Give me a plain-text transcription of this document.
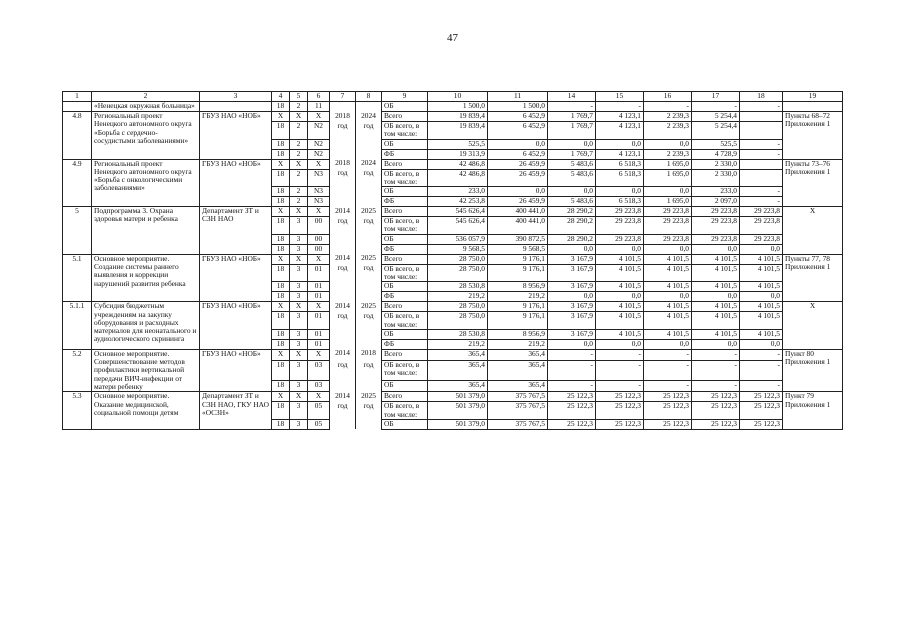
47
1	2	3	4	5	6	7	8	9	10	11	14	15	16	17	18	19
	«Ненецкая окружная больница»		18	2	11			ОБ	1 500,0	1 500,0	-	-	-	-	-	
4.8	Региональный проект Ненецкого автономного округа «Борьба с сердечно-сосудистыми заболеваниями»	ГБУЗ НАО «НОБ»	X	X	X	2018	2024	Всего	19 839,4	6 452,9	1 769,7	4 123,1	2 239,3	5 254,4		Пункты 68–72 Приложения 1
			18	2	N2	год	год	ОБ всего, в том числе:	19 839,4	6 452,9	1 769,7	4 123,1	2 239,3	5 254,4		
			18	2	N2			ОБ	525,5	0,0	0,0	0,0	0,0	525,5	-	
			18	2	N2			ФБ	19 313,9	6 452,9	1 769,7	4 123,1	2 239,3	4 728,9	-	
4.9	Региональный проект Ненецкого автономного округа «Борьба с онкологическими заболеваниями»	ГБУЗ НАО «НОБ»	X	X	X	2018	2024	Всего	42 486,8	26 459,9	5 483,6	6 518,3	1 695,0	2 330,0		Пункты 73–76 Приложения 1
			18	2	N3	год	год	ОБ всего, в том числе:	42 486,8	26 459,9	5 483,6	6 518,3	1 695,0	2 330,0		
			18	2	N3			ОБ	233,0	0,0	0,0	0,0	0,0	233,0	-	
			18	2	N3			ФБ	42 253,8	26 459,9	5 483,6	6 518,3	1 695,0	2 097,0	-	
5	Подпрограмма 3. Охрана здоровья матери и ребенка	Департамент ЗТ и СЗН НАО	X	X	X	2014	2025	Всего	545 626,4	400 441,0	28 290,2	29 223,8	29 223,8	29 223,8	29 223,8	X
			18	3	00	год	год	ОБ всего, в том числе:	545 626,4	400 441,0	28 290,2	29 223,8	29 223,8	29 223,8	29 223,8	
			18	3	00			ОБ	536 057,9	390 872,5	28 290,2	29 223,8	29 223,8	29 223,8	29 223,8	
			18	3	00			ФБ	9 568,5	9 568,5	0,0	0,0	0,0	0,0	0,0	
5.1	Основное мероприятие. Создание системы раннего выявления и коррекции нарушений развития ребенка	ГБУЗ НАО «НОБ»	X	X	X	2014	2025	Всего	28 750,0	9 176,1	3 167,9	4 101,5	4 101,5	4 101,5	4 101,5	Пункты 77, 78 Приложения 1
			18	3	01	год	год	ОБ всего, в том числе:	28 750,0	9 176,1	3 167,9	4 101,5	4 101,5	4 101,5	4 101,5	
			18	3	01			ОБ	28 530,8	8 956,9	3 167,9	4 101,5	4 101,5	4 101,5	4 101,5	
			18	3	01			ФБ	219,2	219,2	0,0	0,0	0,0	0,0	0,0	
5.1.1	Субсидия бюджетным учреждениям на закупку оборудования и расходных материалов для неонатального и аудиологического скрининга	ГБУЗ НАО «НОБ»	X	X	X	2014	2025	Всего	28 750,0	9 176,1	3 167,9	4 101,5	4 101,5	4 101,5	4 101,5	X
			18	3	01	год	год	ОБ всего, в том числе:	28 750,0	9 176,1	3 167,9	4 101,5	4 101,5	4 101,5	4 101,5	
			18	3	01			ОБ	28 530,8	8 956,9	3 167,9	4 101,5	4 101,5	4 101,5	4 101,5	
			18	3	01			ФБ	219,2	219,2	0,0	0,0	0,0	0,0	0,0	
5.2	Основное мероприятие. Совершенствование методов профилактики вертикальной передачи ВИЧ-инфекции от матери ребенку	ГБУЗ НАО «НОБ»	X	X	X	2014	2018	Всего	365,4	365,4	-	-	-	-	-	Пункт 80 Приложения 1
			18	3	03	год	год	ОБ всего, в том числе:	365,4	365,4	-	-	-	-	-	
			18	3	03			ОБ	365,4	365,4	-	-	-	-	-	
5.3	Основное мероприятие. Оказание медицинской, социальной помощи детям	Департамент ЗТ и СЗН НАО, ГКУ НАО «ОСЗН»	X	X	X	2014	2025	Всего	501 379,0	375 767,5	25 122,3	25 122,3	25 122,3	25 122,3	25 122,3	Пункт 79 Приложения 1
			18	3	05	год	год	ОБ всего, в том числе:	501 379,0	375 767,5	25 122,3	25 122,3	25 122,3	25 122,3	25 122,3	
			18	3	05			ОБ	501 379,0	375 767,5	25 122,3	25 122,3	25 122,3	25 122,3	25 122,3	
